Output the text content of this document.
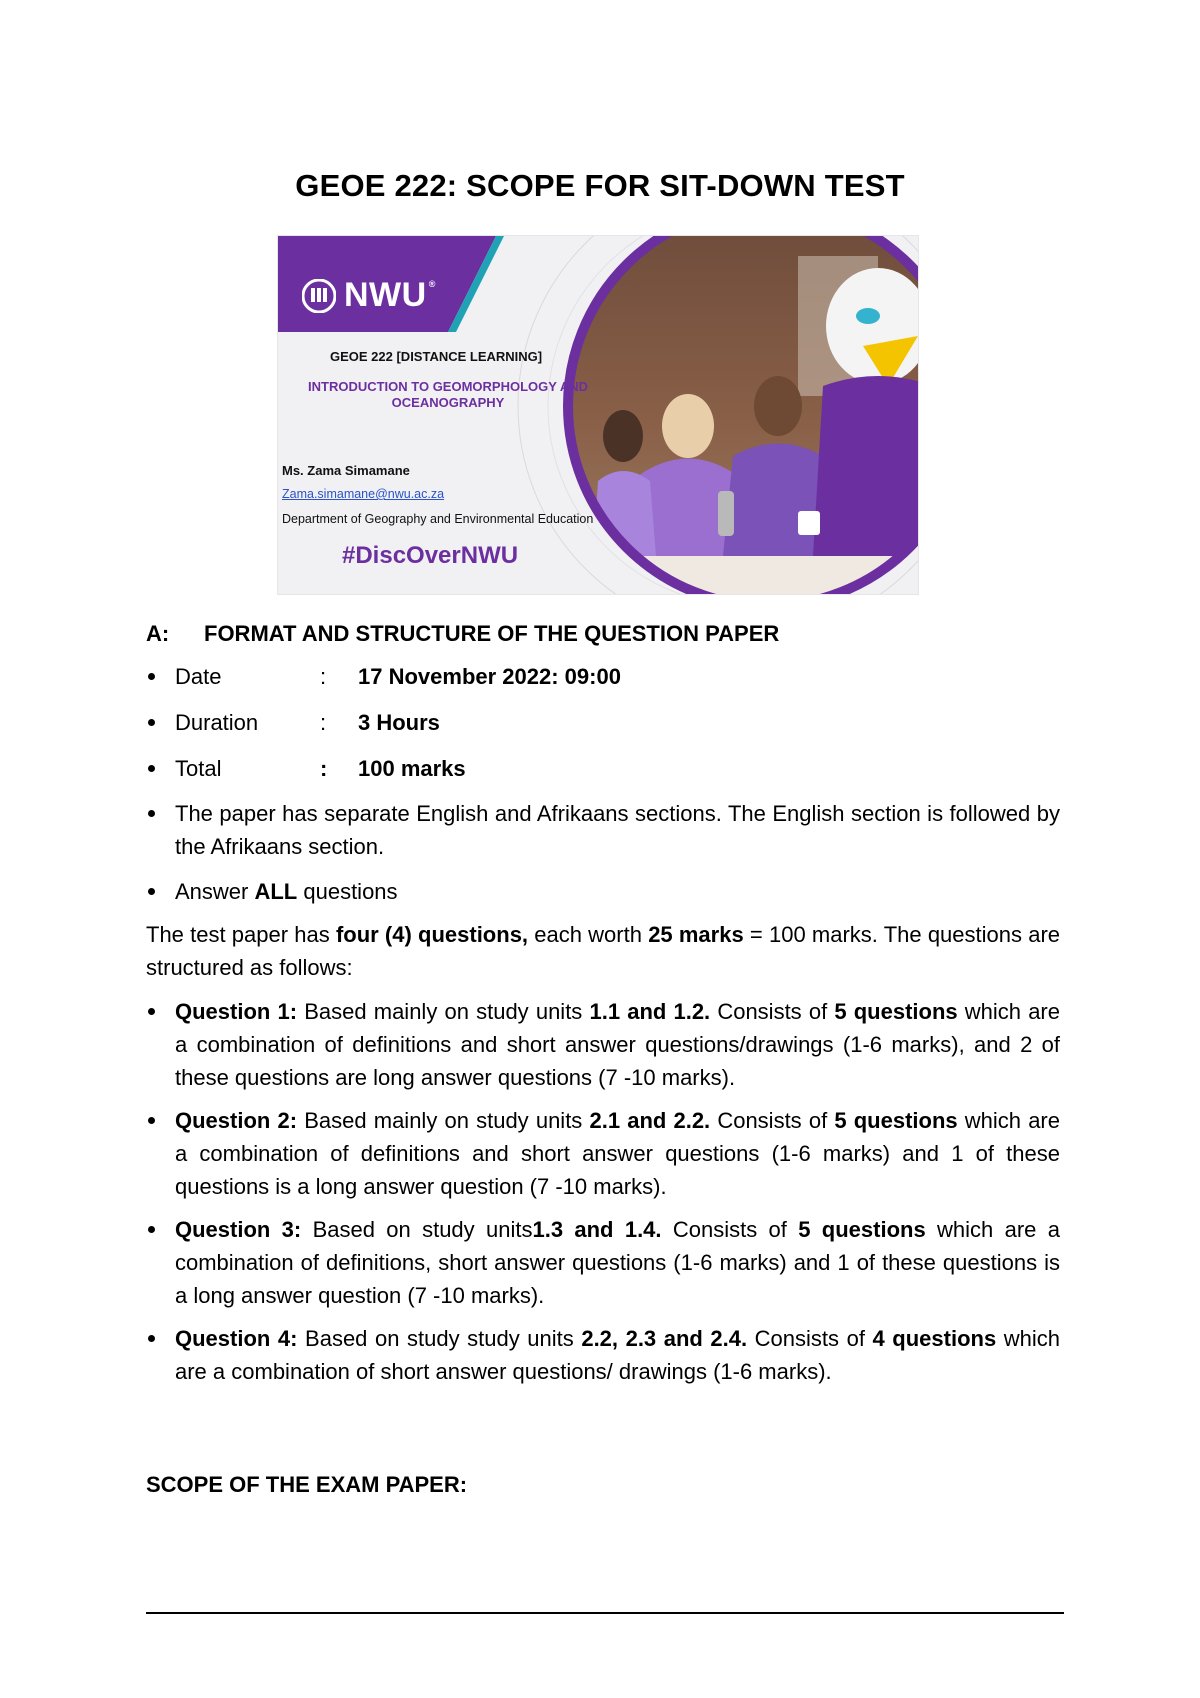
GEOE 222: SCOPE FOR SIT-DOWN TEST
NWU ®
GEOE 222 [DISTANCE LEARNING]
INTRODUCTION TO GEOMORPHOLOGY AND OCEANOGRAPHY
Ms. Zama Simamane
Zama.simamane@nwu.ac.za
Department of Geography and Environmental Education
#DiscOverNWU
A: FORMAT AND STRUCTURE OF THE QUESTION PAPER
Date	: 17 November 2022: 09:00
Duration	: 3 Hours
Total	: 100 marks
The paper has separate English and Afrikaans sections. The English section is followed by the Afrikaans section.
Answer ALL questions
The test paper has four (4) questions, each worth 25 marks = 100 marks. The questions are structured as follows:
Question 1: Based mainly on study units 1.1 and 1.2. Consists of 5 questions which are a combination of definitions and short answer questions/drawings (1-6 marks), and 2 of these questions are long answer questions (7 -10 marks).
Question 2: Based mainly on study units 2.1 and 2.2. Consists of 5 questions which are a combination of definitions and short answer questions (1-6 marks) and 1 of these questions is a long answer question (7 -10 marks).
Question 3: Based on study units1.3 and 1.4. Consists of 5 questions which are a combination of definitions, short answer questions (1-6 marks) and 1 of these questions is a long answer question (7 -10 marks).
Question 4: Based on study study units 2.2, 2.3 and 2.4. Consists of 4 questions which are a combination of short answer questions/ drawings (1-6 marks).
SCOPE OF THE EXAM PAPER:
